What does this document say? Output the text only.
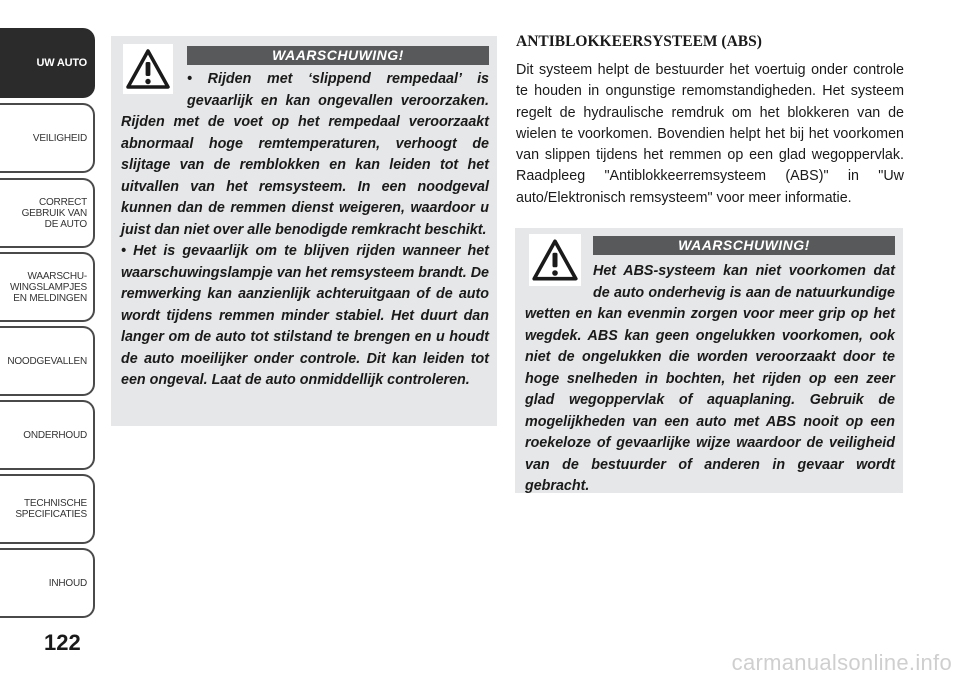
UW AUTO
VEILIGHEID
CORRECT
GEBRUIK VAN
DE AUTO
WAARSCHU-
WINGSLAMPJES
EN MELDINGEN
NOODGEVALLEN
ONDERHOUD
TECHNISCHE
SPECIFICATIES
INHOUD
122
WAARSCHUWING!

• Rijden met ‘slippend rempedaal’ is gevaarlijk en kan ongevallen veroorzaken. Rijden met de voet op het rempedaal veroorzaakt abnormaal hoge remtemperaturen, verhoogt de slijtage van de remblokken en kan leiden tot het uitvallen van het remsysteem. In een noodgeval kunnen dan de remmen dienst weigeren, waardoor u juist dan niet over alle benodigde remkracht beschikt.

• Het is gevaarlijk om te blijven rijden wanneer het waarschuwingslampje van het remsysteem brandt. De remwerking kan aanzienlijk achteruitgaan of de auto wordt tijdens remmen minder stabiel. Het duurt dan langer om de auto tot stilstand te brengen en u houdt de auto moeilijker onder controle. Dit kan leiden tot een ongeval. Laat de auto onmiddellijk controleren.

ANTIBLOKKEERSYSTEEM (ABS)

Dit systeem helpt de bestuurder het voertuig onder controle te houden in ongunstige remomstandigheden. Het systeem regelt de hydraulische remdruk om het blokkeren van de wielen te voorkomen. Bovendien helpt het bij het voorkomen van slippen tijdens het remmen op een glad wegoppervlak. Raadpleeg "Antiblokkeerremsysteem (ABS)" in "Uw auto/Elektronisch remsysteem" voor meer informatie.

WAARSCHUWING!

Het ABS-systeem kan niet voorkomen dat de auto onderhevig is aan de natuurkundige wetten en kan evenmin zorgen voor meer grip op het wegdek. ABS kan geen ongelukken voorkomen, ook niet de ongelukken die worden veroorzaakt door te hoge snelheden in bochten, het rijden op een zeer glad wegoppervlak of aquaplaning. Gebruik de mogelijkheden van een auto met ABS nooit op een roekeloze of gevaarlijke wijze waardoor de veiligheid van de bestuurder of anderen in gevaar wordt gebracht.

carmanualsonline.info
